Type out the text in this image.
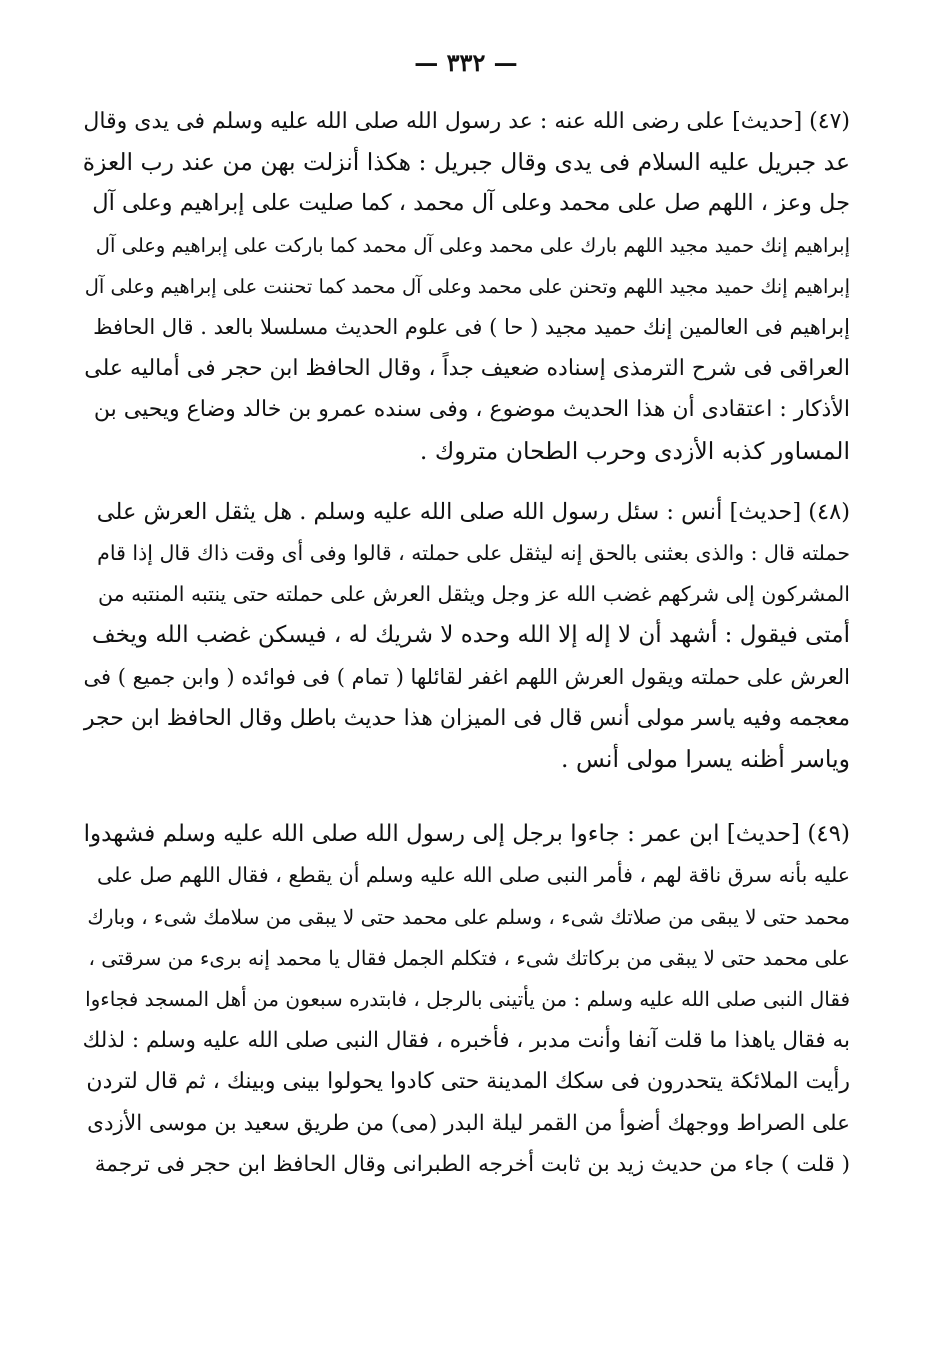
— ٣٣٢ —

(٤٧) [حديث] على رضى الله عنه : عد رسول الله صلى الله عليه وسلم فى يدى وقال
عد جبريل عليه السلام فى يدى وقال جبريل : هكذا أنزلت بهن من عند رب العزة
جل وعز ، اللهم صل على محمد وعلى آل محمد ، كما صليت على إبراهيم وعلى آل
إبراهيم إنك حميد مجيد اللهم بارك على محمد وعلى آل محمد كما باركت على إبراهيم وعلى آل
إبراهيم إنك حميد مجيد اللهم وتحنن على محمد وعلى آل محمد كما تحننت على إبراهيم وعلى آل
إبراهيم فى العالمين إنك حميد مجيد ( حا ) فى علوم الحديث مسلسلا بالعد . قال الحافظ
العراقى فى شرح الترمذى إسناده ضعيف جداً ، وقال الحافظ ابن حجر فى أماليه على
الأذكار : اعتقادى أن هذا الحديث موضوع ، وفى سنده عمرو بن خالد وضاع ويحيى بن
المساور كذبه الأزدى وحرب الطحان متروك .

(٤٨) [حديث] أنس : سئل رسول الله صلى الله عليه وسلم . هل يثقل العرش على
حملته قال : والذى بعثنى بالحق إنه ليثقل على حملته ، قالوا وفى أى وقت ذاك قال إذا قام
المشركون إلى شركهم غضب الله عز وجل ويثقل العرش على حملته حتى ينتبه المنتبه من
أمتى فيقول : أشهد أن لا إله إلا الله وحده لا شريك له ، فيسكن غضب الله ويخف
العرش على حملته ويقول العرش اللهم اغفر لقائلها ( تمام ) فى فوائده ( وابن جميع ) فى
معجمه وفيه ياسر مولى أنس قال فى الميزان هذا حديث باطل وقال الحافظ ابن حجر
وياسر أظنه يسرا مولى أنس .

(٤٩) [حديث] ابن عمر : جاءوا برجل إلى رسول الله صلى الله عليه وسلم فشهدوا
عليه بأنه سرق ناقة لهم ، فأمر النبى صلى الله عليه وسلم أن يقطع ، فقال اللهم صل على
محمد حتى لا يبقى من صلاتك شىء ، وسلم على محمد حتى لا يبقى من سلامك شىء ، وبارك
على محمد حتى لا يبقى من بركاتك شىء ، فتكلم الجمل فقال يا محمد إنه برىء من سرقتى ،
فقال النبى صلى الله عليه وسلم : من يأتينى بالرجل ، فابتدره سبعون من أهل المسجد فجاءوا
به فقال ياهذا ما قلت آنفا وأنت مدبر ، فأخبره ، فقال النبى صلى الله عليه وسلم : لذلك
رأيت الملائكة يتحدرون فى سكك المدينة حتى كادوا يحولوا بينى وبينك ، ثم قال لتردن
على الصراط ووجهك أضوأ من القمر ليلة البدر (مى) من طريق سعيد بن موسى الأزدى
( قلت ) جاء من حديث زيد بن ثابت أخرجه الطبرانى وقال الحافظ ابن حجر فى ترجمة
